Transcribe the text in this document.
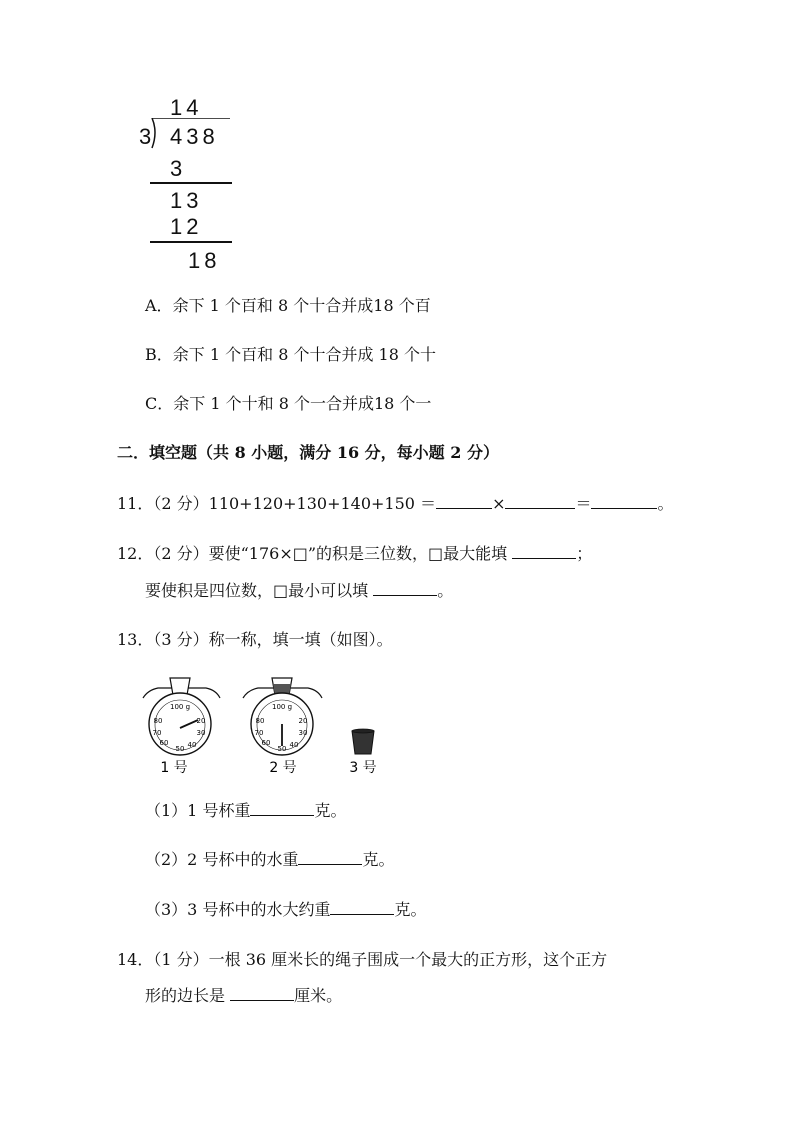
14
3 438
3
13
12
18
A．余下 1 个百和 8 个十合并成18 个百
B．余下 1 个百和 8 个十合并成 18 个十
C．余下 1 个十和 8 个一合并成18 个一
二．填空题（共 8 小题，满分 16 分，每小题 2 分）
11．（2 分）110+120+130+140+150 ＝	×	＝	。
12．（2 分）要使“176×□”的积是三位数，□最大能填	；
要使积是四位数，□最小可以填	。
13．（3 分）称一称，填一填（如图）。
100 g
20
30
40
50
60
70
80
100 g
20
30
40
50
60
70
80
1 号	2 号	3 号
（1）1 号杯重	克。
（2）2 号杯中的水重	克。
（3）3 号杯中的水大约重	克。
14．（1 分）一根 36 厘米长的绳子围成一个最大的正方形，这个正方
形的边长是	厘米。
